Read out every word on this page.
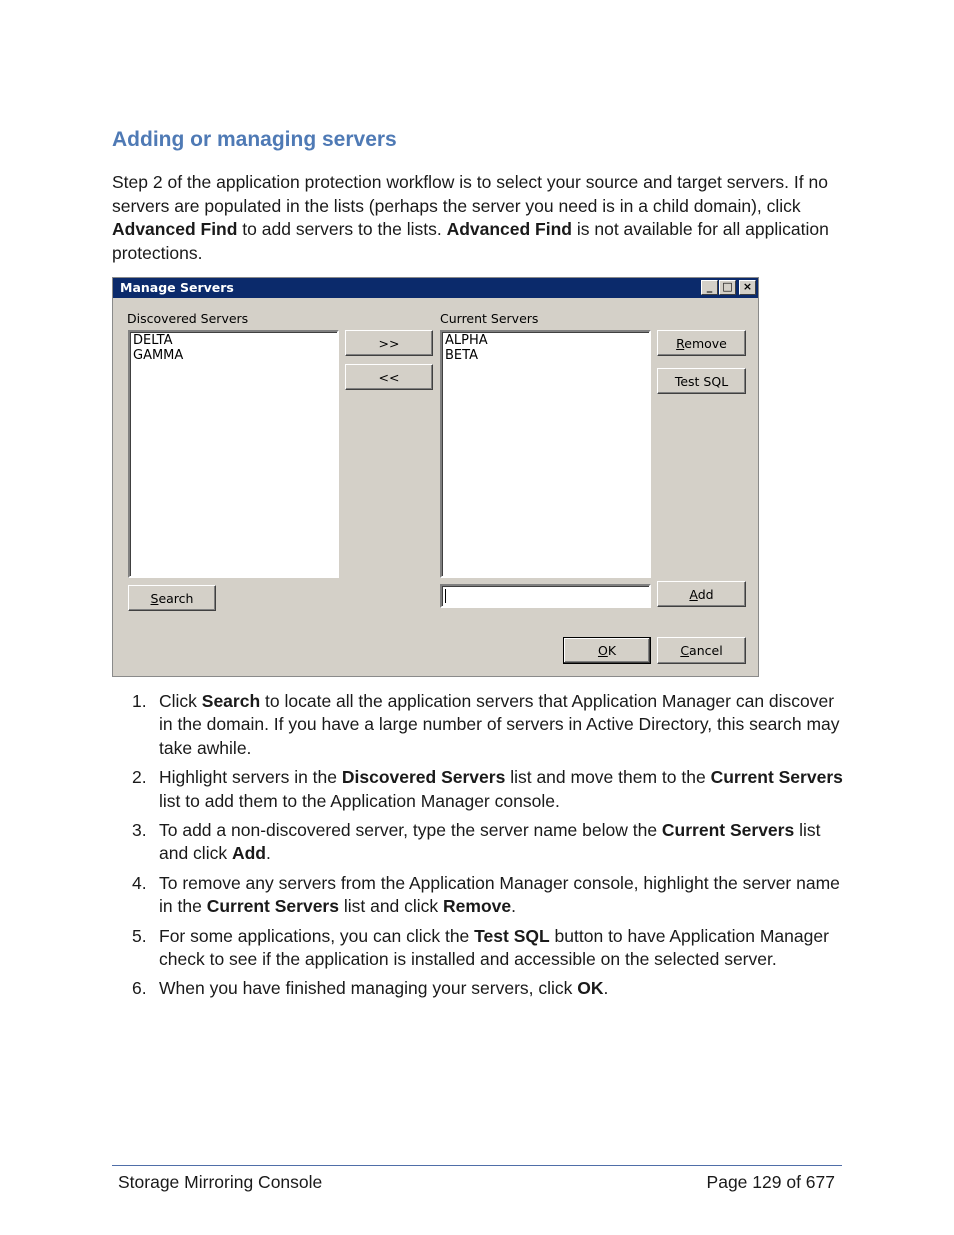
Adding or managing servers

Step 2 of the application protection workflow is to select your source and target servers. If no servers are populated in the lists (perhaps the server you need is in a child domain), click Advanced Find to add servers to the lists. Advanced Find is not available for all application protections.

Manage Servers	_ □ ×
Discovered Servers
DELTA
GAMMA
>>
<<
Current Servers
ALPHA
BETA
Remove
Test SQL
Search	Add
OK	Cancel
1. Click Search to locate all the application servers that Application Manager can discover in the domain. If you have a large number of servers in Active Directory, this search may take awhile.
2. Highlight servers in the Discovered Servers list and move them to the Current Servers list to add them to the Application Manager console.
3. To add a non-discovered server, type the server name below the Current Servers list and click Add.
4. To remove any servers from the Application Manager console, highlight the server name in the Current Servers list and click Remove.
5. For some applications, you can click the Test SQL button to have Application Manager check to see if the application is installed and accessible on the selected server.
6. When you have finished managing your servers, click OK.
Storage Mirroring Console	Page 129 of 677
